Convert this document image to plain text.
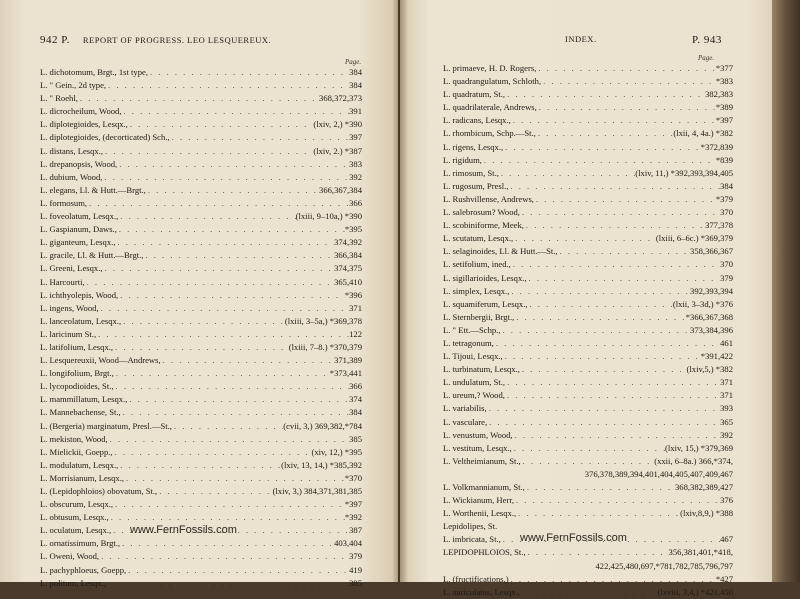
942 P. REPORT OF PROGRESS. LEO LESQUEREUX.
Page.
L. dichotomum, Brgt., 1st type, . . .	384
L. " Gein., 2d type, . . .	384
L. " Roehl, . . .	368,372,373
L. dicrocheilum, Wood, . . .	391
L. diplotegioides, Lesqx., . . .	(lxiv, 2,) *390
L. diplotegioides, (decorticated) Sch., . . .	397
L. distans, Lesqx., . . .	(lxiv, 2.) *387
L. drepanopsis, Wood, . . .	383
L. dubium, Wood, . . .	392
L. elegans, Ll. & Hutt.—Brgt., . . .	366,367,384
L. formosum, . . .	366
L. foveolatum, Lesqx., . . .	(lxiii, 9–10a,) *390
L. Gaspianum, Daws., . . .	*395
L. giganteum, Lesqx., . . .	374,392
L. gracile, Ll. & Hutt.—Brgt., . . .	366,384
L. Greeni, Lesqx., . . .	374,375
L. Harcourti, . . .	365,410
L. ichthyolepis, Wood, . . .	*396
L. ingens, Wood, . . .	371
L. lanceolatum, Lesqx., . . .	(lxiii, 3–5a,) *369,378
L. laricinum St., . . .	122
L. latifolium, Lesqx., . . .	(lxiii, 7–8.) *370,379
L. Lesquereuxii, Wood—Andrews, . . .	371,389
L. longifolium, Brgt., . . .	*373,441
L. lycopodioides, St., . . .	366
L. mammillatum, Lesqx., . . .	374
L. Mannebachense, St., . . .	384
L. (Bergeria) marginatum, Presl.—St., . . .	(cvii, 3,) 369,382,*784
L. mekiston, Wood, . . .	385
L. Mielickii, Goepp., . . .	(xiv, 12,) *395
L. modulatum, Lesqx., . . .	(lxiv, 13, 14,) *385,392
L. Morrisianum, Lesqx., . . .	*370
L. (Lepidophloios) obovatum, St., . . .	(lxiv, 3,) 384,371,381,385
L. obscurum, Lesqx., . . .	*397
L. obtusum, Lesqx., . . .	*392
L. oculatum, Lesqx., . . .	387
L. ornatissimum, Brgt., . . .	403,404
L. Oweni, Wood, . . .	379
L. pachyphloeus, Goepp, . . .	419
L. politum, Lesqx., . . .	385
www.FernFossils.com
INDEX.	P. 943
Page.
L. primaeve, H. D. Rogers, . . .	*377
L. quadrangulatum, Schloth, . . .	*383
L. quadratum, St., . . .	382,383
L. quadrilaterale, Andrews, . . .	*389
L. radicans, Lesqx., . . .	*397
L. rhombicum, Schp.—St., . . .	(lxii, 4, 4a.) *382
L. rigens, Lesqx., . . .	*372,839
L. rigidum, . . .	*839
L. rimosum, St., . . .	(lxiv, 11,) *392,393,394,405
L. rugosum, Presl., . . .	384
L. Rushvillense, Andrews, . . .	*379
L. salebrosum? Wood, . . .	370
L. scobiniforme, Meek, . . .	377,378
L. scutatum, Lesqx., . . .	(lxiii, 6–6c.) *369,379
L. selaginoides, Ll. & Hutt.—St., . . .	358,366,367
L. setifolium, ined., . . .	370
L. sigillarioides, Lesqx., . . .	379
L. simplex, Lesqx., . . .	392,393,394
L. squamiferum, Lesqx., . . .	(lxii, 3–3d,) *376
L. Sternbergii, Brgt., . . .	*366,367,368
L. " Ett.—Schp., . . .	373,384,396
L. tetragonum, . . .	461
L. Tijoui, Lesqx., . . .	*391,422
L. turbinatum, Lesqx., . . .	(lxiv,5,) *382
L. undulatum, St., . . .	371
L. ureum,? Wood, . . .	371
L. variabilis, . . .	393
L. vasculare, . . .	365
L. venustum, Wood, . . .	392
L. vestitum, Lesqx., . . .	(lxiv, 15,) *379,369
L. Veltheimianum, St., . . .	(xxii, 6–8a.) 366,*374,
376,378,389,394,401,404,405,407,409,467
L. Volkmannianum, St., . . .	368,382,389,427
L. Wickianum, Herr, . . .	376
L. Worthenii, Lesqx., . . .	(lxiv,8,9,) *388
Lepidolipes, St.
L. imbricata, St., . . .	467
LEPIDOPHLOIOS, St., . . .	356,381,401,*418,
422,425,480,697,*781,782,785,796,797
L. (fructifications,) . . .	*427
L. auriculatus, Lesqx., . . .	(lxviii, 3,4,) *421,450
www.FernFossils.com
